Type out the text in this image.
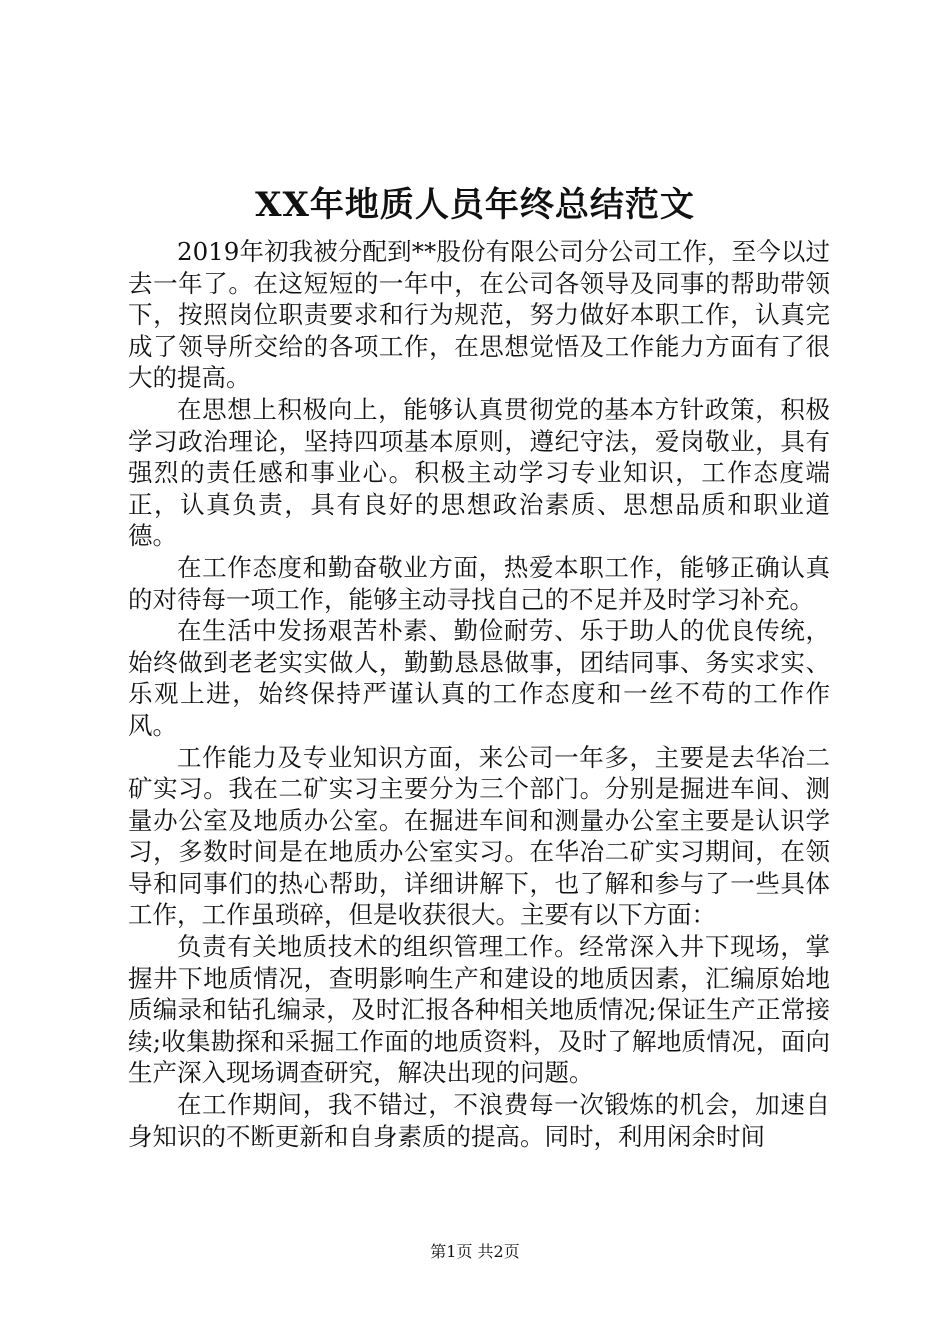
XX年地质人员年终总结范文

2019年初我被分配到**股份有限公司分公司工作，至今以过去一年了。在这短短的一年中，在公司各领导及同事的帮助带领下，按照岗位职责要求和行为规范，努力做好本职工作，认真完成了领导所交给的各项工作，在思想觉悟及工作能力方面有了很大的提高。

在思想上积极向上，能够认真贯彻党的基本方针政策，积极学习政治理论，坚持四项基本原则，遵纪守法，爱岗敬业，具有强烈的责任感和事业心。积极主动学习专业知识，工作态度端正，认真负责，具有良好的思想政治素质、思想品质和职业道德。

在工作态度和勤奋敬业方面，热爱本职工作，能够正确认真的对待每一项工作，能够主动寻找自己的不足并及时学习补充。

在生活中发扬艰苦朴素、勤俭耐劳、乐于助人的优良传统，始终做到老老实实做人，勤勤恳恳做事，团结同事、务实求实、乐观上进，始终保持严谨认真的工作态度和一丝不苟的工作作风。

工作能力及专业知识方面，来公司一年多，主要是去华冶二矿实习。我在二矿实习主要分为三个部门。分别是掘进车间、测量办公室及地质办公室。在掘进车间和测量办公室主要是认识学习，多数时间是在地质办公室实习。在华冶二矿实习期间，在领导和同事们的热心帮助，详细讲解下，也了解和参与了一些具体工作，工作虽琐碎，但是收获很大。主要有以下方面：

负责有关地质技术的组织管理工作。经常深入井下现场，掌握井下地质情况，查明影响生产和建设的地质因素，汇编原始地质编录和钻孔编录，及时汇报各种相关地质情况;保证生产正常接续;收集勘探和采掘工作面的地质资料，及时了解地质情况，面向生产深入现场调查研究，解决出现的问题。

在工作期间，我不错过，不浪费每一次锻炼的机会，加速自身知识的不断更新和自身素质的提高。同时，利用闲余时间

第1页 共2页
